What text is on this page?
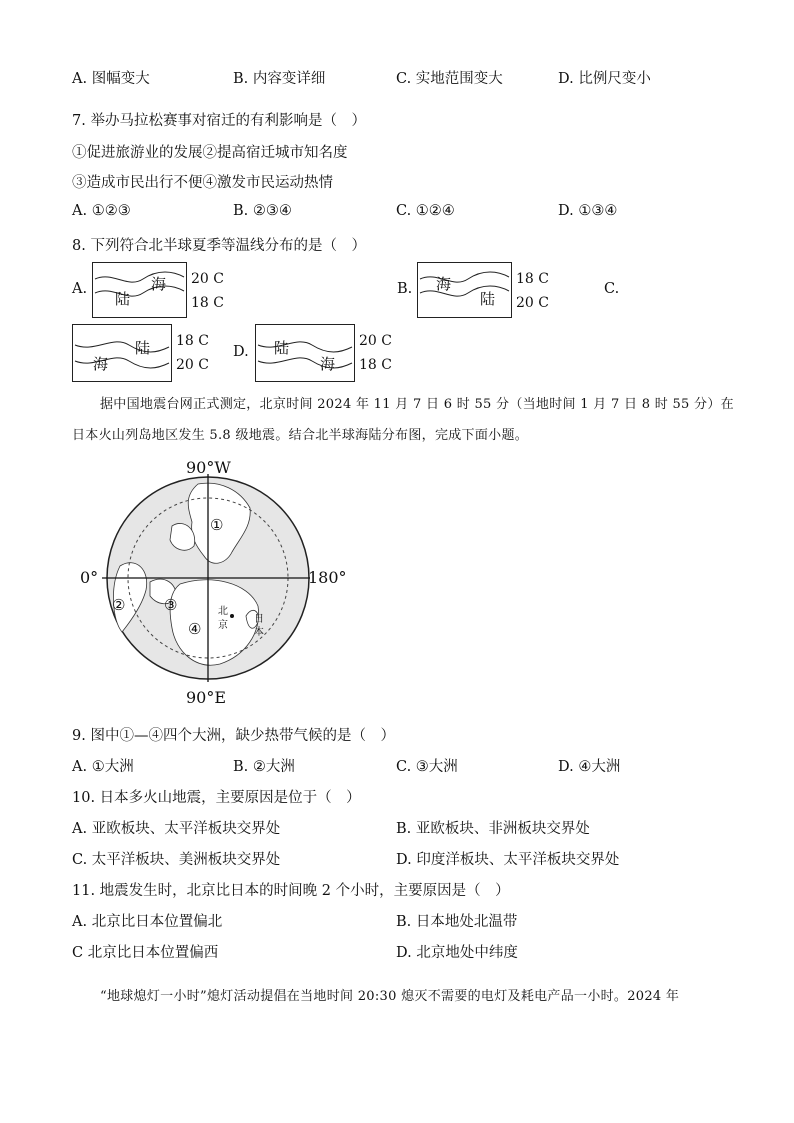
A. 图幅变大	B. 内容变详细	C. 实地范围变大	D. 比例尺变小
7. 举办马拉松赛事对宿迁的有利影响是（　）
①促进旅游业的发展②提高宿迁城市知名度
③造成市民出行不便④激发市民运动热情
A. ①②③	B. ②③④	C. ①②④	D. ①③④
8. 下列符合北半球夏季等温线分布的是（　）
A.	海
陆
20 C
18 C
B. 海
陆
18 C
20 C
C.
陆
海
18 C
20 C
D. 陆
海
20 C
18 C
据中国地震台网正式测定，北京时间 2024 年 11 月 7 日 6 时 55 分（当地时间 1 月 7 日 8 时 55 分）在
日本火山列岛地区发生 5.8 级地震。结合北半球海陆分布图，完成下面小题。
90°W
90°E
0°	180°
①
②	③
④
北
京
日
本
9. 图中①—④四个大洲，缺少热带气候的是（　）
A. ①大洲	B. ②大洲	C. ③大洲	D. ④大洲
10. 日本多火山地震，主要原因是位于（　）
A. 亚欧板块、太平洋板块交界处	B. 亚欧板块、非洲板块交界处
C. 太平洋板块、美洲板块交界处	D. 印度洋板块、太平洋板块交界处
11. 地震发生时，北京比日本的时间晚 2 个小时，主要原因是（　）
A. 北京比日本位置偏北	B. 日本地处北温带
C 北京比日本位置偏西	D. 北京地处中纬度
“地球熄灯一小时”熄灯活动提倡在当地时间 20:30 熄灭不需要的电灯及耗电产品一小时。2024 年
